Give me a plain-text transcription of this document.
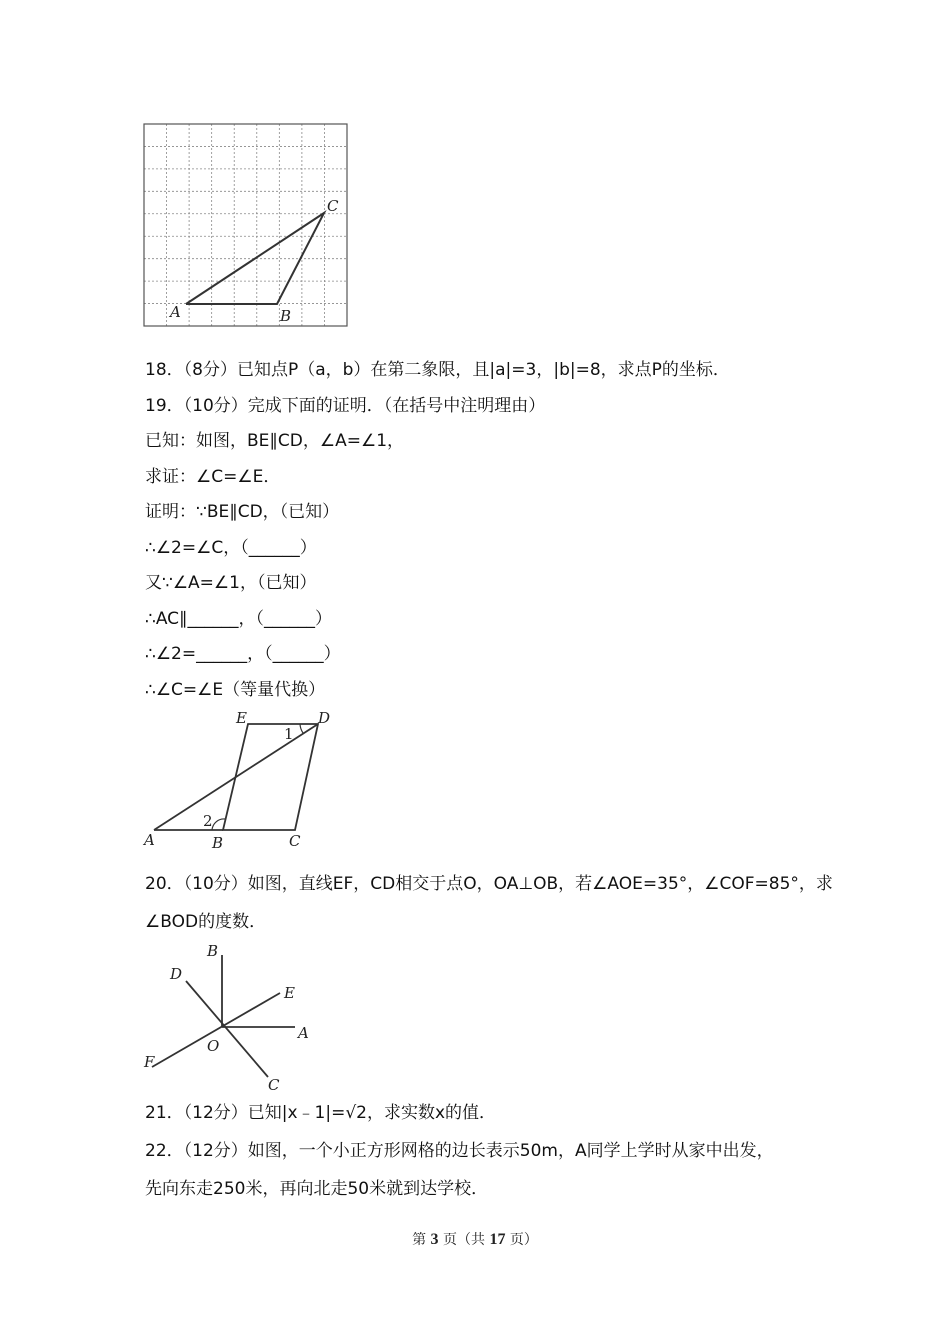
A	B
C
18．（8分）已知点P（a，b）在第二象限，且|a|=3，|b|=8，求点P的坐标．
19．（10分）完成下面的证明．（在括号中注明理由）
已知：如图，BE∥CD，∠A=∠1，
求证：∠C=∠E．
证明：∵BE∥CD，（已知）
∴∠2=∠C，（______）
又∵∠A=∠1，（已知）
∴AC∥______，（______）
∴∠2=______，（______）
∴∠C=∠E（等量代换）
E	D
A	B	C
1
2
20．（10分）如图，直线EF，CD相交于点O，OA⊥OB，若∠AOE=35°，∠COF=85°，求
∠BOD的度数．
B
D
E
A
O
F
C
21．（12分）已知|x﹣1|=√2，求实数x的值．
22．（12分）如图，一个小正方形网格的边长表示50m，A同学上学时从家中出发，
先向东走250米，再向北走50米就到达学校．
第 3 页（共 17 页）
